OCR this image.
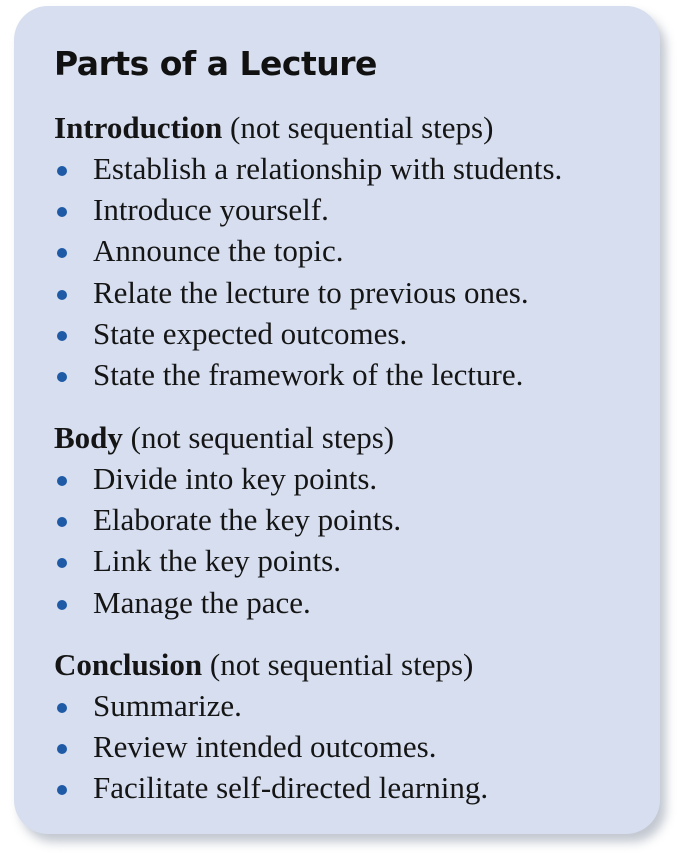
Parts of a Lecture
Introduction (not sequential steps)
Establish a relationship with students.
Introduce yourself.
Announce the topic.
Relate the lecture to previous ones.
State expected outcomes.
State the framework of the lecture.
Body (not sequential steps)
Divide into key points.
Elaborate the key points.
Link the key points.
Manage the pace.
Conclusion (not sequential steps)
Summarize.
Review intended outcomes.
Facilitate self-directed learning.
